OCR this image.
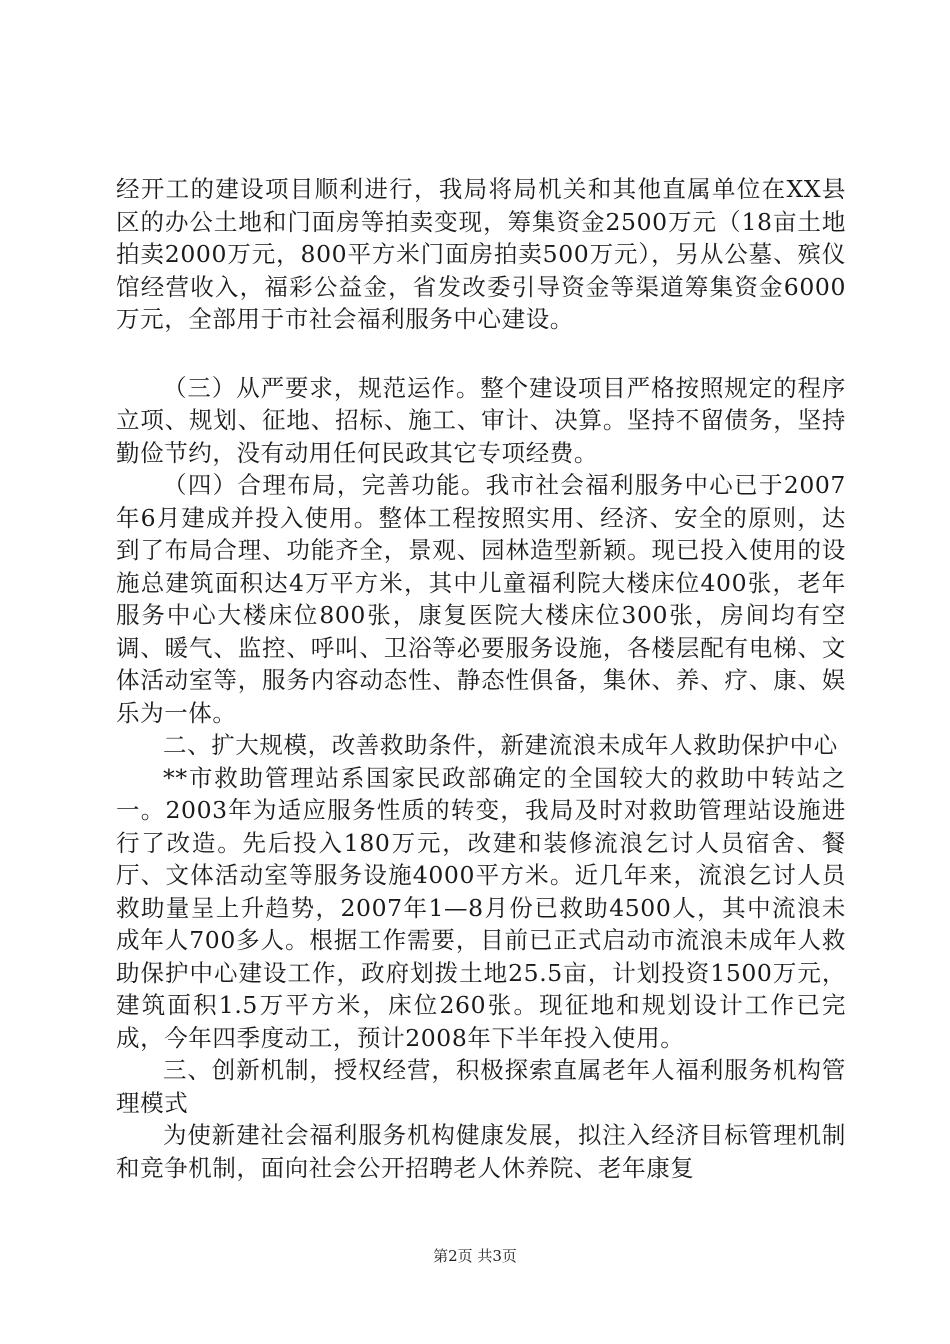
经开工的建设项目顺利进行，我局将局机关和其他直属单位在XX县区的办公土地和门面房等拍卖变现，筹集资金2500万元（18亩土地拍卖2000万元，800平方米门面房拍卖500万元），另从公墓、殡仪馆经营收入，福彩公益金，省发改委引导资金等渠道筹集资金6000万元，全部用于市社会福利服务中心建设。

（三）从严要求，规范运作。整个建设项目严格按照规定的程序立项、规划、征地、招标、施工、审计、决算。坚持不留债务，坚持勤俭节约，没有动用任何民政其它专项经费。

（四）合理布局，完善功能。我市社会福利服务中心已于2007年6月建成并投入使用。整体工程按照实用、经济、安全的原则，达到了布局合理、功能齐全，景观、园林造型新颖。现已投入使用的设施总建筑面积达4万平方米，其中儿童福利院大楼床位400张，老年服务中心大楼床位800张，康复医院大楼床位300张，房间均有空调、暖气、监控、呼叫、卫浴等必要服务设施，各楼层配有电梯、文体活动室等，服务内容动态性、静态性俱备，集休、养、疗、康、娱乐为一体。

二、扩大规模，改善救助条件，新建流浪未成年人救助保护中心

**市救助管理站系国家民政部确定的全国较大的救助中转站之一。2003年为适应服务性质的转变，我局及时对救助管理站设施进行了改造。先后投入180万元，改建和装修流浪乞讨人员宿舍、餐厅、文体活动室等服务设施4000平方米。近几年来，流浪乞讨人员救助量呈上升趋势，2007年1—8月份已救助4500人，其中流浪未成年人700多人。根据工作需要，目前已正式启动市流浪未成年人救助保护中心建设工作，政府划拨土地25.5亩，计划投资1500万元，建筑面积1.5万平方米，床位260张。现征地和规划设计工作已完成，今年四季度动工，预计2008年下半年投入使用。

三、创新机制，授权经营，积极探索直属老年人福利服务机构管理模式

为使新建社会福利服务机构健康发展，拟注入经济目标管理机制和竞争机制，面向社会公开招聘老人休养院、老年康复

第2页 共3页
